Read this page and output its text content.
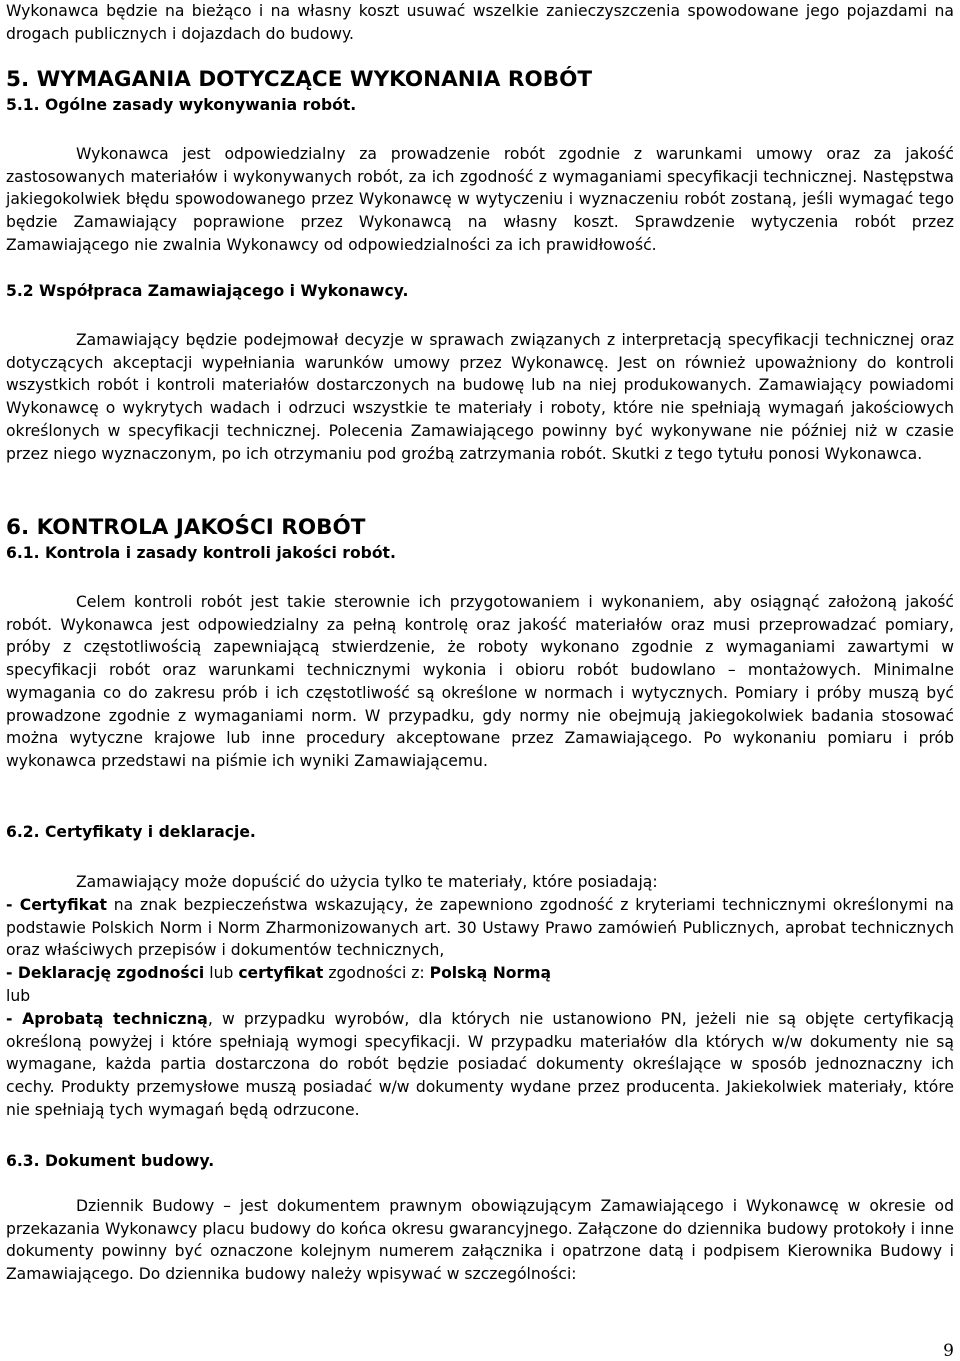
Wykonawca będzie na bieżąco i na własny koszt usuwać wszelkie zanieczyszczenia spowodowane jego pojazdami na drogach publicznych i dojazdach do budowy.

5. WYMAGANIA DOTYCZĄCE WYKONANIA ROBÓT

5.1. Ogólne zasady wykonywania robót.

Wykonawca jest odpowiedzialny za prowadzenie robót zgodnie z warunkami umowy oraz za jakość zastosowanych materiałów i wykonywanych robót, za ich zgodność z wymaganiami specyfikacji technicznej. Następstwa jakiegokolwiek błędu spowodowanego przez Wykonawcę w wytyczeniu i wyznaczeniu robót zostaną, jeśli wymagać tego będzie Zamawiający poprawione przez Wykonawcą na własny koszt. Sprawdzenie wytyczenia robót przez Zamawiającego nie zwalnia Wykonawcy od odpowiedzialności za ich prawidłowość.

5.2 Współpraca Zamawiającego i Wykonawcy.

Zamawiający będzie podejmował decyzje w sprawach związanych z interpretacją specyfikacji technicznej oraz dotyczących akceptacji wypełniania warunków umowy przez Wykonawcę. Jest on również upoważniony do kontroli wszystkich robót i kontroli materiałów dostarczonych na budowę lub na niej produkowanych. Zamawiający powiadomi Wykonawcę o wykrytych wadach i odrzuci wszystkie te materiały i roboty, które nie spełniają wymagań jakościowych określonych w specyfikacji technicznej. Polecenia Zamawiającego powinny być wykonywane nie później niż w czasie przez niego wyznaczonym, po ich otrzymaniu pod groźbą zatrzymania robót. Skutki z tego tytułu ponosi Wykonawca.

6. KONTROLA JAKOŚCI ROBÓT

6.1. Kontrola i zasady kontroli jakości robót.

Celem kontroli robót jest takie sterownie ich przygotowaniem i wykonaniem, aby osiągnąć założoną jakość robót. Wykonawca jest odpowiedzialny za pełną kontrolę oraz jakość materiałów oraz musi przeprowadzać pomiary, próby z częstotliwością zapewniającą stwierdzenie, że roboty wykonano zgodnie z wymaganiami zawartymi w specyfikacji robót oraz warunkami technicznymi wykonia i obioru robót budowlano – montażowych. Minimalne wymagania co do zakresu prób i ich częstotliwość są określone w normach i wytycznych. Pomiary i próby muszą być prowadzone zgodnie z wymaganiami norm. W przypadku, gdy normy nie obejmują jakiegokolwiek badania stosować można wytyczne krajowe lub inne procedury akceptowane przez Zamawiającego. Po wykonaniu pomiaru i prób wykonawca przedstawi na piśmie ich wyniki Zamawiającemu.

6.2. Certyfikaty i deklaracje.

Zamawiający może dopuścić do użycia tylko te materiały, które posiadają:

- Certyfikat na znak bezpieczeństwa wskazujący, że zapewniono zgodność z kryteriami technicznymi określonymi na podstawie Polskich Norm i Norm Zharmonizowanych art. 30 Ustawy Prawo zamówień Publicznych, aprobat technicznych oraz właściwych przepisów i dokumentów technicznych,

- Deklarację zgodności lub certyfikat zgodności z: Polską Normą

lub

- Aprobatą techniczną, w przypadku wyrobów, dla których nie ustanowiono PN, jeżeli nie są objęte certyfikacją określoną powyżej i które spełniają wymogi specyfikacji. W przypadku materiałów dla których w/w dokumenty nie są wymagane, każda partia dostarczona do robót będzie posiadać dokumenty określające w sposób jednoznaczny ich cechy. Produkty przemysłowe muszą posiadać w/w dokumenty wydane przez producenta. Jakiekolwiek materiały, które nie spełniają tych wymagań będą odrzucone.

6.3. Dokument budowy.

Dziennik Budowy – jest dokumentem prawnym obowiązującym Zamawiającego i Wykonawcę w okresie od przekazania Wykonawcy placu budowy do końca okresu gwarancyjnego. Załączone do dziennika budowy protokoły i inne dokumenty powinny być oznaczone kolejnym numerem załącznika i opatrzone datą i podpisem Kierownika Budowy i Zamawiającego. Do dziennika budowy należy wpisywać w szczególności:

9
